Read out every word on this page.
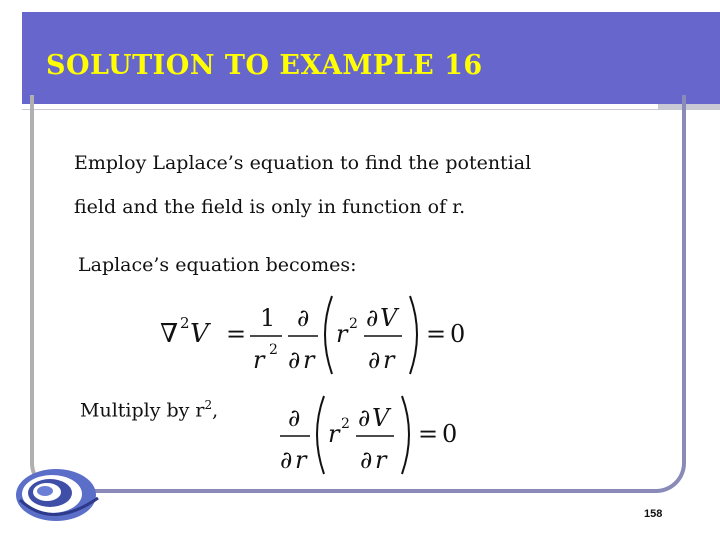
SOLUTION TO EXAMPLE 16
Employ Laplace’s equation to find the potential
field and the field is only in function of r.
Laplace’s equation becomes:
∇ 2 V =
1
r 2
∂
∂ r
r 2 ∂ V
∂ r
= 0
Multiply by $r^2$,	∂
∂ r
r 2 ∂ V
∂ r
= 0
158
